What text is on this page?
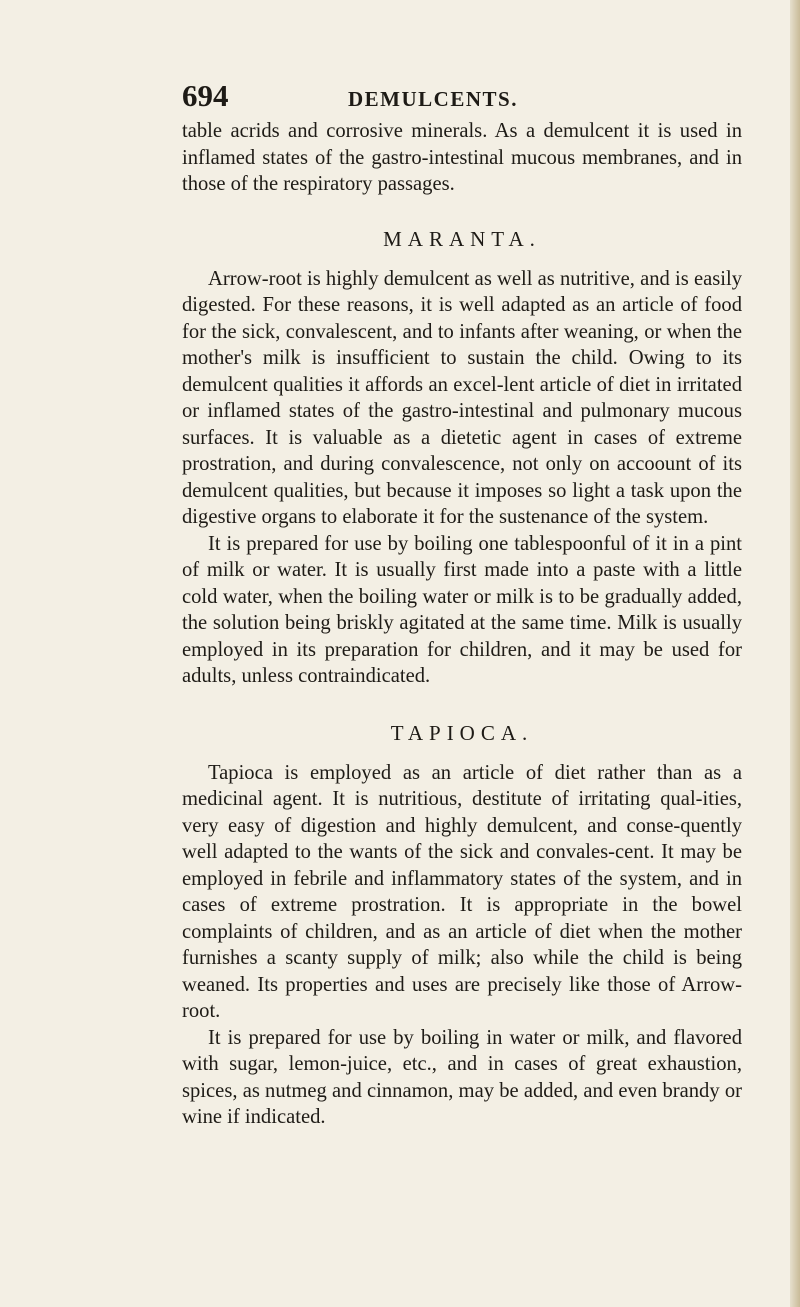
694	DEMULCENTS.

table acrids and corrosive minerals. As a demulcent it is used in inflamed states of the gastro-intestinal mucous membranes, and in those of the respiratory passages.

MARANTA.

Arrow-root is highly demulcent as well as nutritive, and is easily digested. For these reasons, it is well adapted as an article of food for the sick, convalescent, and to infants after weaning, or when the mother's milk is insufficient to sustain the child. Owing to its demulcent qualities it affords an excel-lent article of diet in irritated or inflamed states of the gastro-intestinal and pulmonary mucous surfaces. It is valuable as a dietetic agent in cases of extreme prostration, and during convalescence, not only on accoount of its demulcent qualities, but because it imposes so light a task upon the digestive organs to elaborate it for the sustenance of the system.

It is prepared for use by boiling one tablespoonful of it in a pint of milk or water. It is usually first made into a paste with a little cold water, when the boiling water or milk is to be gradually added, the solution being briskly agitated at the same time. Milk is usually employed in its preparation for children, and it may be used for adults, unless contraindicated.

TAPIOCA.

Tapioca is employed as an article of diet rather than as a medicinal agent. It is nutritious, destitute of irritating qual-ities, very easy of digestion and highly demulcent, and conse-quently well adapted to the wants of the sick and convales-cent. It may be employed in febrile and inflammatory states of the system, and in cases of extreme prostration. It is appropriate in the bowel complaints of children, and as an article of diet when the mother furnishes a scanty supply of milk; also while the child is being weaned. Its properties and uses are precisely like those of Arrow-root.

It is prepared for use by boiling in water or milk, and flavored with sugar, lemon-juice, etc., and in cases of great exhaustion, spices, as nutmeg and cinnamon, may be added, and even brandy or wine if indicated.
